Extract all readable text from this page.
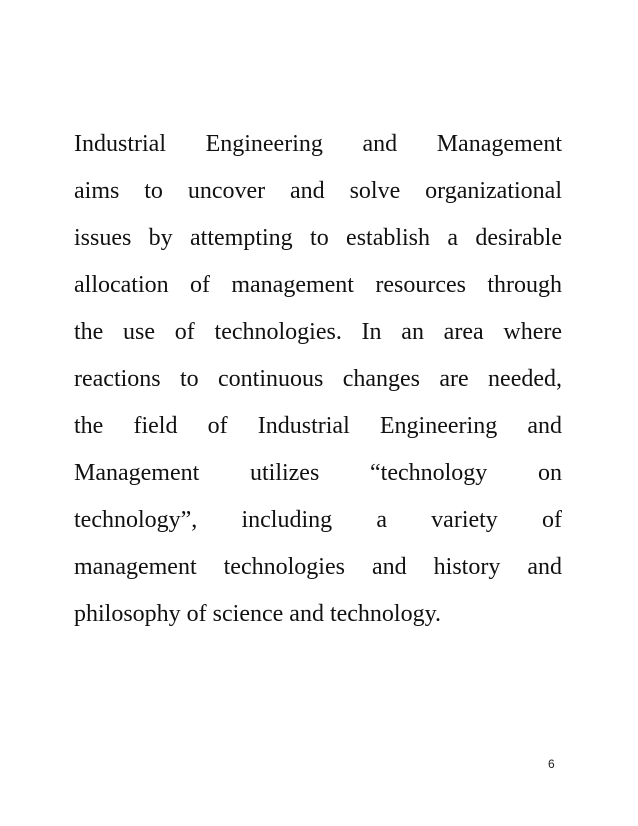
Industrial Engineering and Management
aims to uncover and solve organizational
issues by attempting to establish a desirable
allocation of management resources through
the use of technologies. In an area where
reactions to continuous changes are needed,
the field of Industrial Engineering and
Management utilizes “technology on
technology”, including a variety of
management technologies and history and
philosophy of science and technology.

6
